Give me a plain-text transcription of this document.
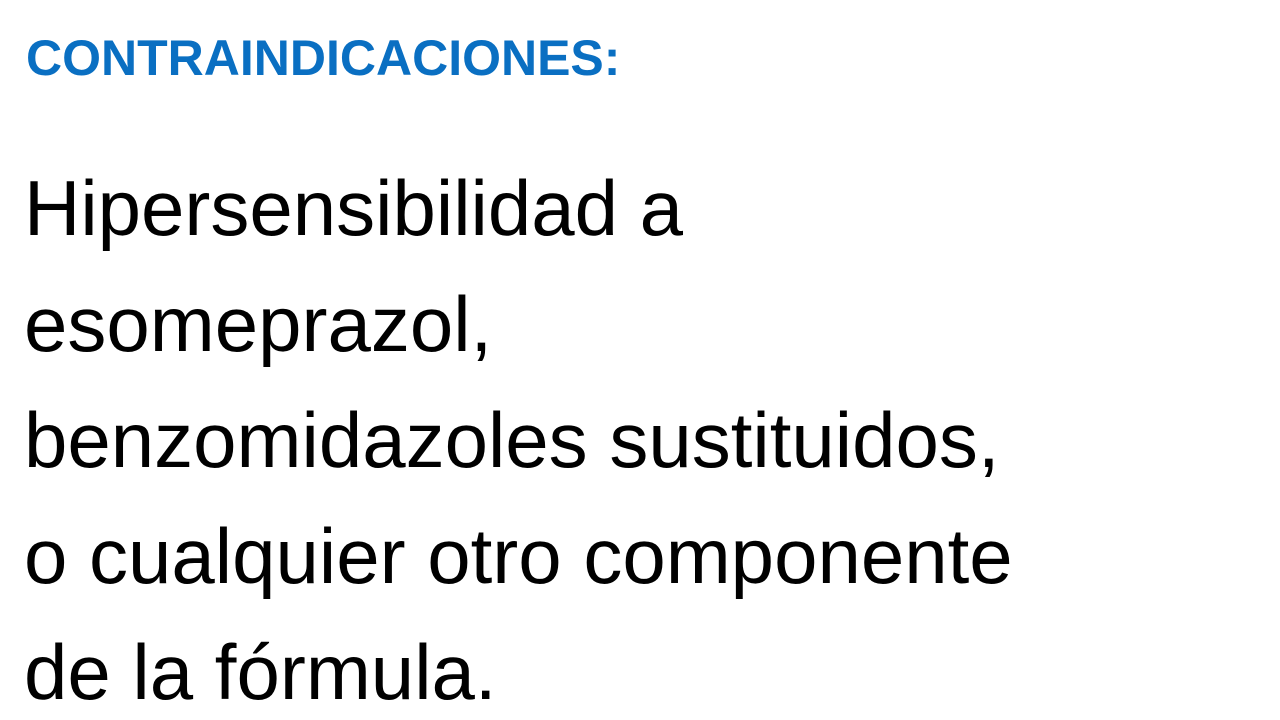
CONTRAINDICACIONES:

Hipersensibilidad a
esomeprazol,
benzomidazoles sustituidos,
o cualquier otro componente
de la fórmula.
